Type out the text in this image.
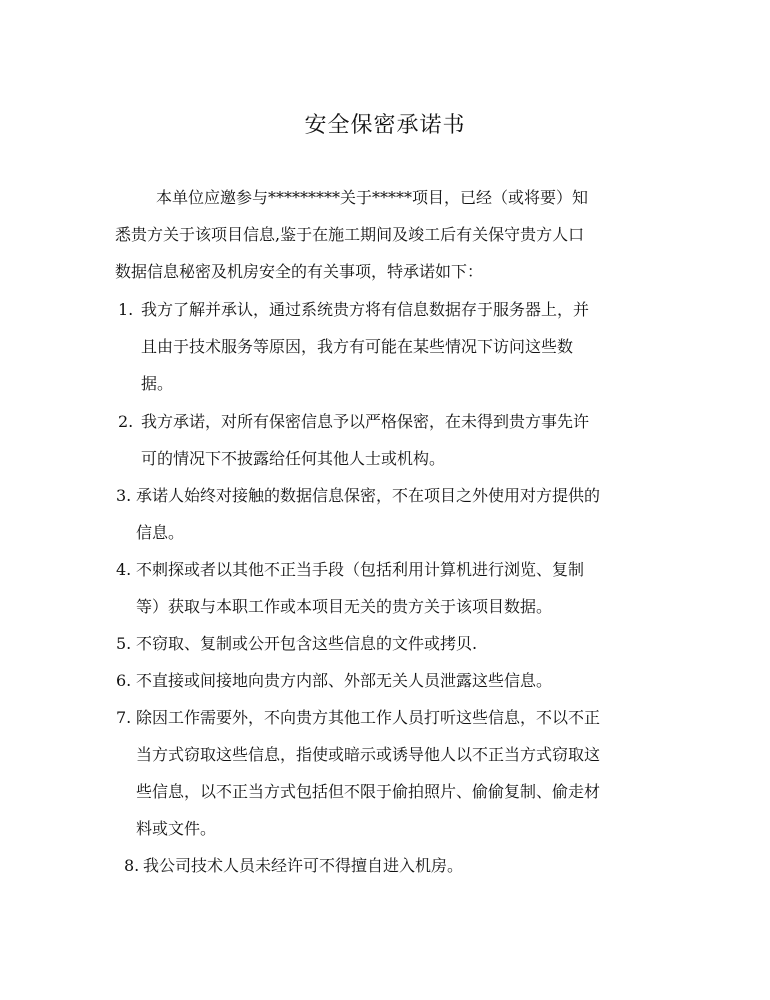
安全保密承诺书
本单位应邀参与*********关于*****项目，已经（或将要）知
悉贵方关于该项目信息,鉴于在施工期间及竣工后有关保守贵方人口
数据信息秘密及机房安全的有关事项，特承诺如下：
1. 我方了解并承认，通过系统贵方将有信息数据存于服务器上，并
且由于技术服务等原因，我方有可能在某些情况下访问这些数
据。
2. 我方承诺，对所有保密信息予以严格保密，在未得到贵方事先许
可的情况下不披露给任何其他人士或机构。
3. 承诺人始终对接触的数据信息保密，不在项目之外使用对方提供的
信息。
4. 不刺探或者以其他不正当手段（包括利用计算机进行浏览、复制
等）获取与本职工作或本项目无关的贵方关于该项目数据。
5. 不窃取、复制或公开包含这些信息的文件或拷贝.
6. 不直接或间接地向贵方内部、外部无关人员泄露这些信息。
7. 除因工作需要外，不向贵方其他工作人员打听这些信息，不以不正
当方式窃取这些信息，指使或暗示或诱导他人以不正当方式窃取这
些信息，以不正当方式包括但不限于偷拍照片、偷偷复制、偷走材
料或文件。
8. 我公司技术人员未经许可不得擅自进入机房。
